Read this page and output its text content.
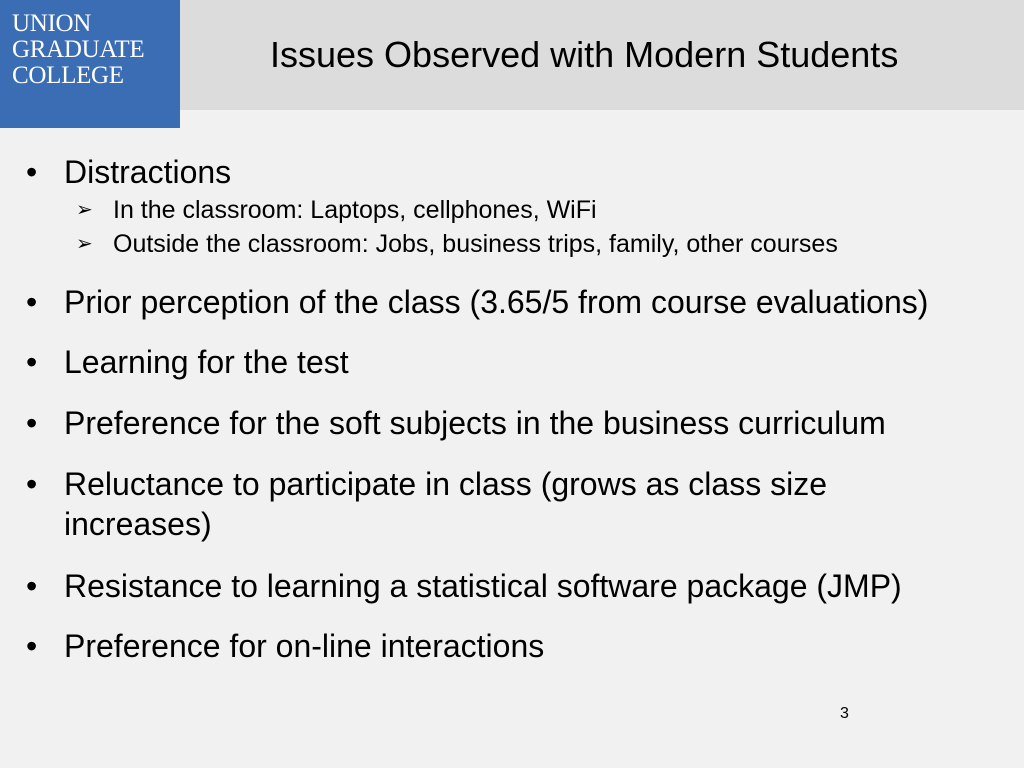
UNION
GRADUATE
COLLEGE
Issues Observed with Modern Students
• Distractions
➢ In the classroom: Laptops, cellphones, WiFi
➢ Outside the classroom: Jobs, business trips, family, other courses
• Prior perception of the class (3.65/5 from course evaluations)
• Learning for the test
• Preference for the soft subjects in the business curriculum
• Reluctance to participate in class (grows as class size
increases)
• Resistance to learning a statistical software package (JMP)
• Preference for on-line interactions
3
